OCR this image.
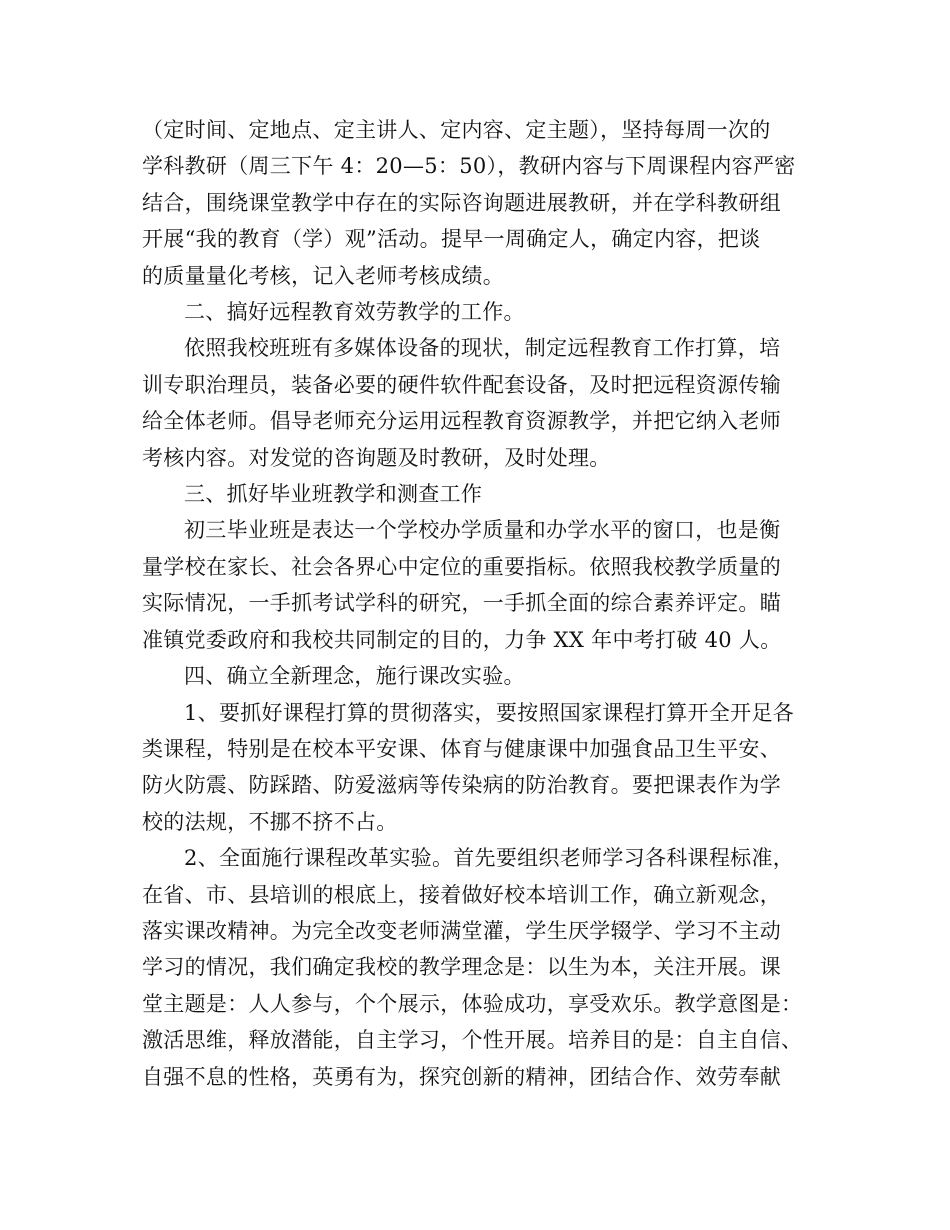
（定时间、定地点、定主讲人、定内容、定主题），坚持每周一次的
学科教研（周三下午 4：20—5：50），教研内容与下周课程内容严密
结合，围绕课堂教学中存在的实际咨询题进展教研，并在学科教研组
开展“我的教育（学）观”活动。提早一周确定人，确定内容，把谈
的质量量化考核，记入老师考核成绩。
二、搞好远程教育效劳教学的工作。
依照我校班班有多媒体设备的现状，制定远程教育工作打算，培
训专职治理员，装备必要的硬件软件配套设备，及时把远程资源传输
给全体老师。倡导老师充分运用远程教育资源教学，并把它纳入老师
考核内容。对发觉的咨询题及时教研，及时处理。
三、抓好毕业班教学和测查工作
初三毕业班是表达一个学校办学质量和办学水平的窗口，也是衡
量学校在家长、社会各界心中定位的重要指标。依照我校教学质量的
实际情况，一手抓考试学科的研究，一手抓全面的综合素养评定。瞄
准镇党委政府和我校共同制定的目的，力争 XX 年中考打破 40 人。
四、确立全新理念，施行课改实验。
1、要抓好课程打算的贯彻落实，要按照国家课程打算开全开足各
类课程，特别是在校本平安课、体育与健康课中加强食品卫生平安、
防火防震、防踩踏、防爱滋病等传染病的防治教育。要把课表作为学
校的法规，不挪不挤不占。
2、全面施行课程改革实验。首先要组织老师学习各科课程标准，
在省、市、县培训的根底上，接着做好校本培训工作，确立新观念，
落实课改精神。为完全改变老师满堂灌，学生厌学辍学、学习不主动
学习的情况，我们确定我校的教学理念是：以生为本，关注开展。课
堂主题是：人人参与，个个展示，体验成功，享受欢乐。教学意图是：
激活思维，释放潜能，自主学习，个性开展。培养目的是：自主自信、
自强不息的性格，英勇有为，探究创新的精神，团结合作、效劳奉献
